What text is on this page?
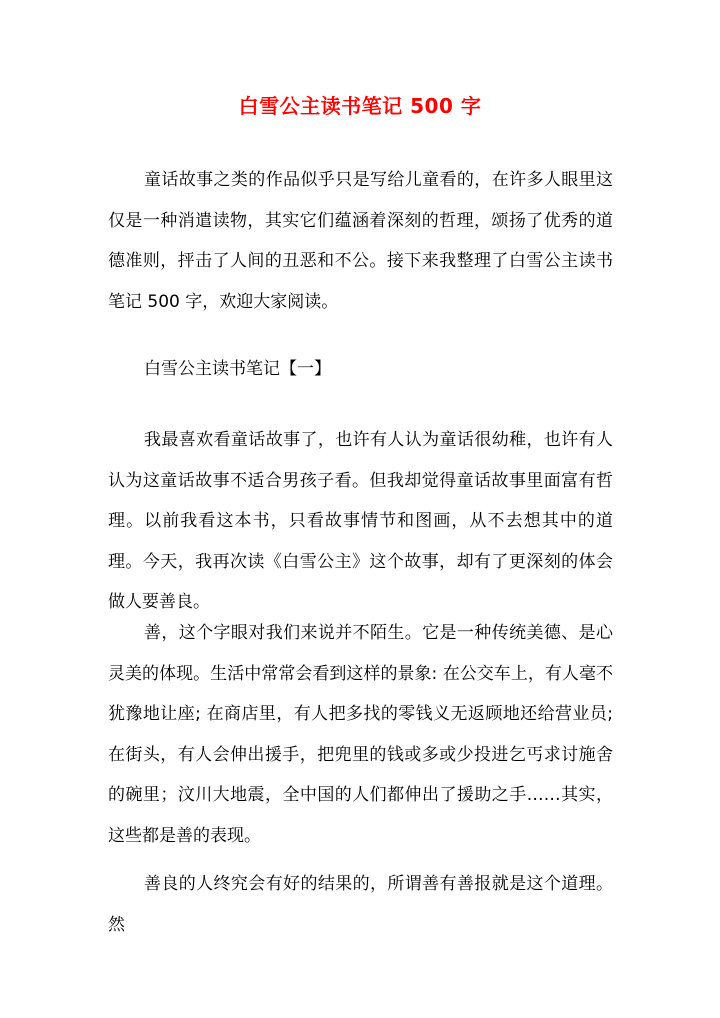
白雪公主读书笔记 500 字

童话故事之类的作品似乎只是写给儿童看的，在许多人眼里这仅是一种消遣读物，其实它们蕴涵着深刻的哲理，颂扬了优秀的道德准则，抨击了人间的丑恶和不公。接下来我整理了白雪公主读书笔记 500 字，欢迎大家阅读。

白雪公主读书笔记【一】

我最喜欢看童话故事了，也许有人认为童话很幼稚，也许有人认为这童话故事不适合男孩子看。但我却觉得童话故事里面富有哲理。以前我看这本书，只看故事情节和图画，从不去想其中的道理。今天，我再次读《白雪公主》这个故事，却有了更深刻的体会 做人要善良。

善，这个字眼对我们来说并不陌生。它是一种传统美德、是心灵美的体现。生活中常常会看到这样的景象: 在公交车上，有人毫不犹豫地让座; 在商店里，有人把多找的零钱义无返顾地还给营业员; 在街头，有人会伸出援手，把兜里的钱或多或少投进乞丐求讨施舍的碗里；汶川大地震，全中国的人们都伸出了援助之手……其实，这些都是善的表现。

善良的人终究会有好的结果的，所谓善有善报就是这个道理。然
